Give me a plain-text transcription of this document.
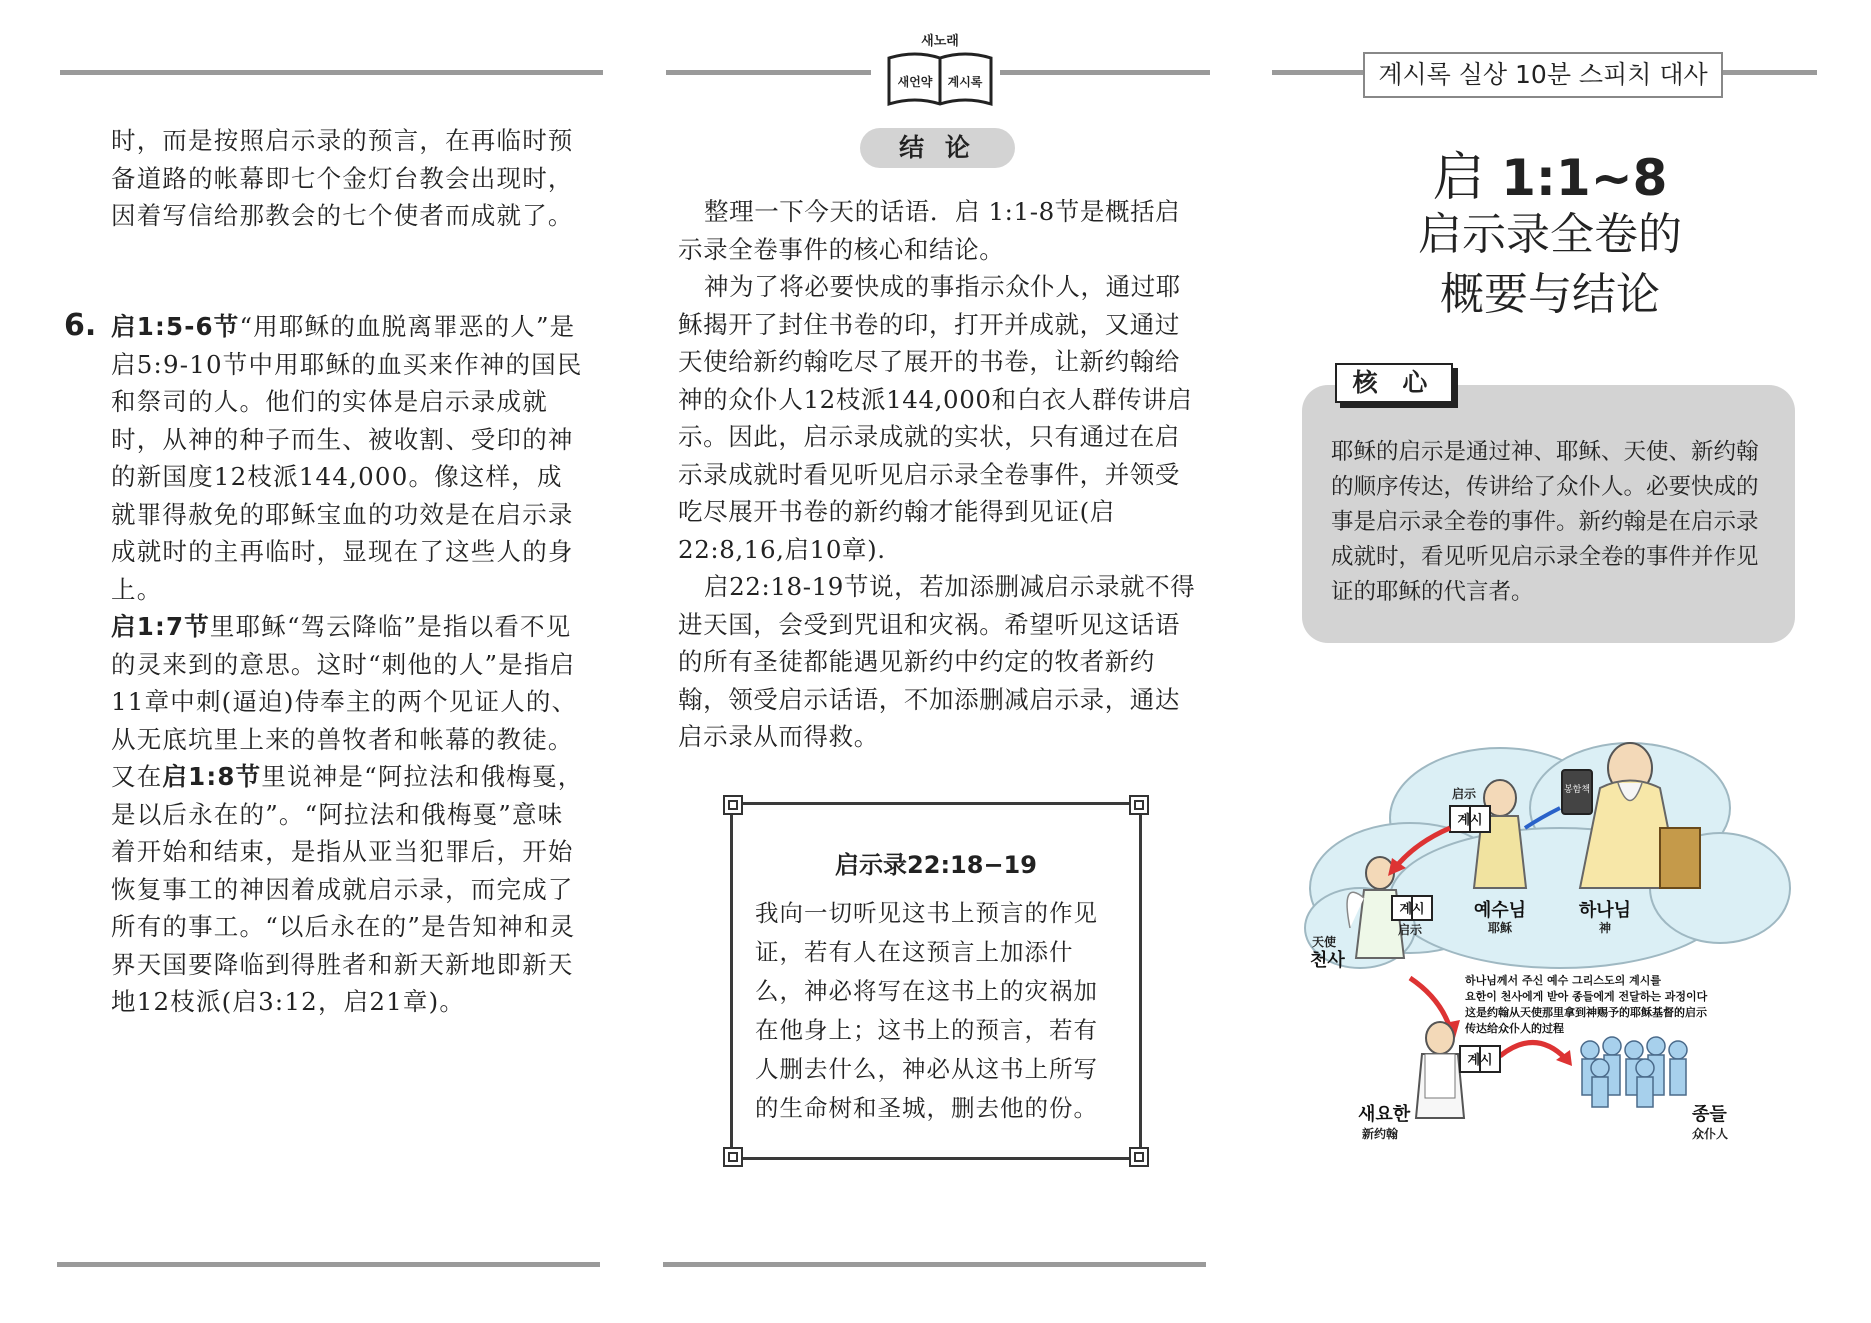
时，而是按照启示录的预言，在再临时预备道路的帐幕即七个金灯台教会出现时，因着写信给那教会的七个使者而成就了。

6. 启1:5-6节“用耶稣的血脱离罪恶的人”是启5:9-10节中用耶稣的血买来作神的国民和祭司的人。他们的实体是启示录成就时，从神的种子而生、被收割、受印的神的新国度12枝派144,000。像这样，成就罪得赦免的耶稣宝血的功效是在启示录成就时的主再临时，显现在了这些人的身上。

启1:7节里耶稣“驾云降临”是指以看不见的灵来到的意思。这时“刺他的人”是指启11章中刺(逼迫)侍奉主的两个见证人的、从无底坑里上来的兽牧者和帐幕的教徒。

又在启1:8节里说神是“阿拉法和俄梅戛，是以后永在的”。“阿拉法和俄梅戛”意味着开始和结束，是指从亚当犯罪后，开始恢复事工的神因着成就启示录，而完成了所有的事工。“以后永在的”是告知神和灵界天国要降临到得胜者和新天新地即新天地12枝派(启3:12，启21章)。

새노래
새언약 계시록
结 论

整理一下今天的话语．启 1:1-8节是概括启示录全卷事件的核心和结论。

神为了将必要快成的事指示众仆人，通过耶稣揭开了封住书卷的印，打开并成就，又通过天使给新约翰吃尽了展开的书卷，让新约翰给神的众仆人12枝派144,000和白衣人群传讲启示。因此，启示录成就的实状，只有通过在启示录成就时看见听见启示录全卷事件，并领受吃尽展开书卷的新约翰才能得到见证(启22:8,16,启10章).

启22:18-19节说，若加添删减启示录就不得进天国，会受到咒诅和灾祸。希望听见这话语的所有圣徒都能遇见新约中约定的牧者新约翰，领受启示话语，不加添删减启示录，通达启示录从而得救。

启示录22:18−19

我向一切听见这书上预言的作见证，若有人在这预言上加添什么，神必将写在这书上的灾祸加在他身上；这书上的预言，若有人删去什么，神必从这书上所写的生命树和圣城，删去他的份。

계시록 실상 10분 스피치 대사
启 1:1~8
启示录全卷的
概要与结论
核 心

耶稣的启示是通过神、耶稣、天使、新约翰的顺序传达，传讲给了众仆人。必要快成的事是启示录全卷的事件。新约翰是在启示录成就时，看见听见启示录全卷的事件并作见证的耶稣的代言者。

봉함책
계시
启示
계시
启示
예수님
耶稣
하나님
神
天使
천사
하나님께서 주신 예수 그리스도의 계시를
요한이 천사에게 받아 종들에게 전달하는 과정이다
这是约翰从天使那里拿到神赐予的耶稣基督的启示
传达给众仆人的过程
계시
새요한
新约翰
종들
众仆人
